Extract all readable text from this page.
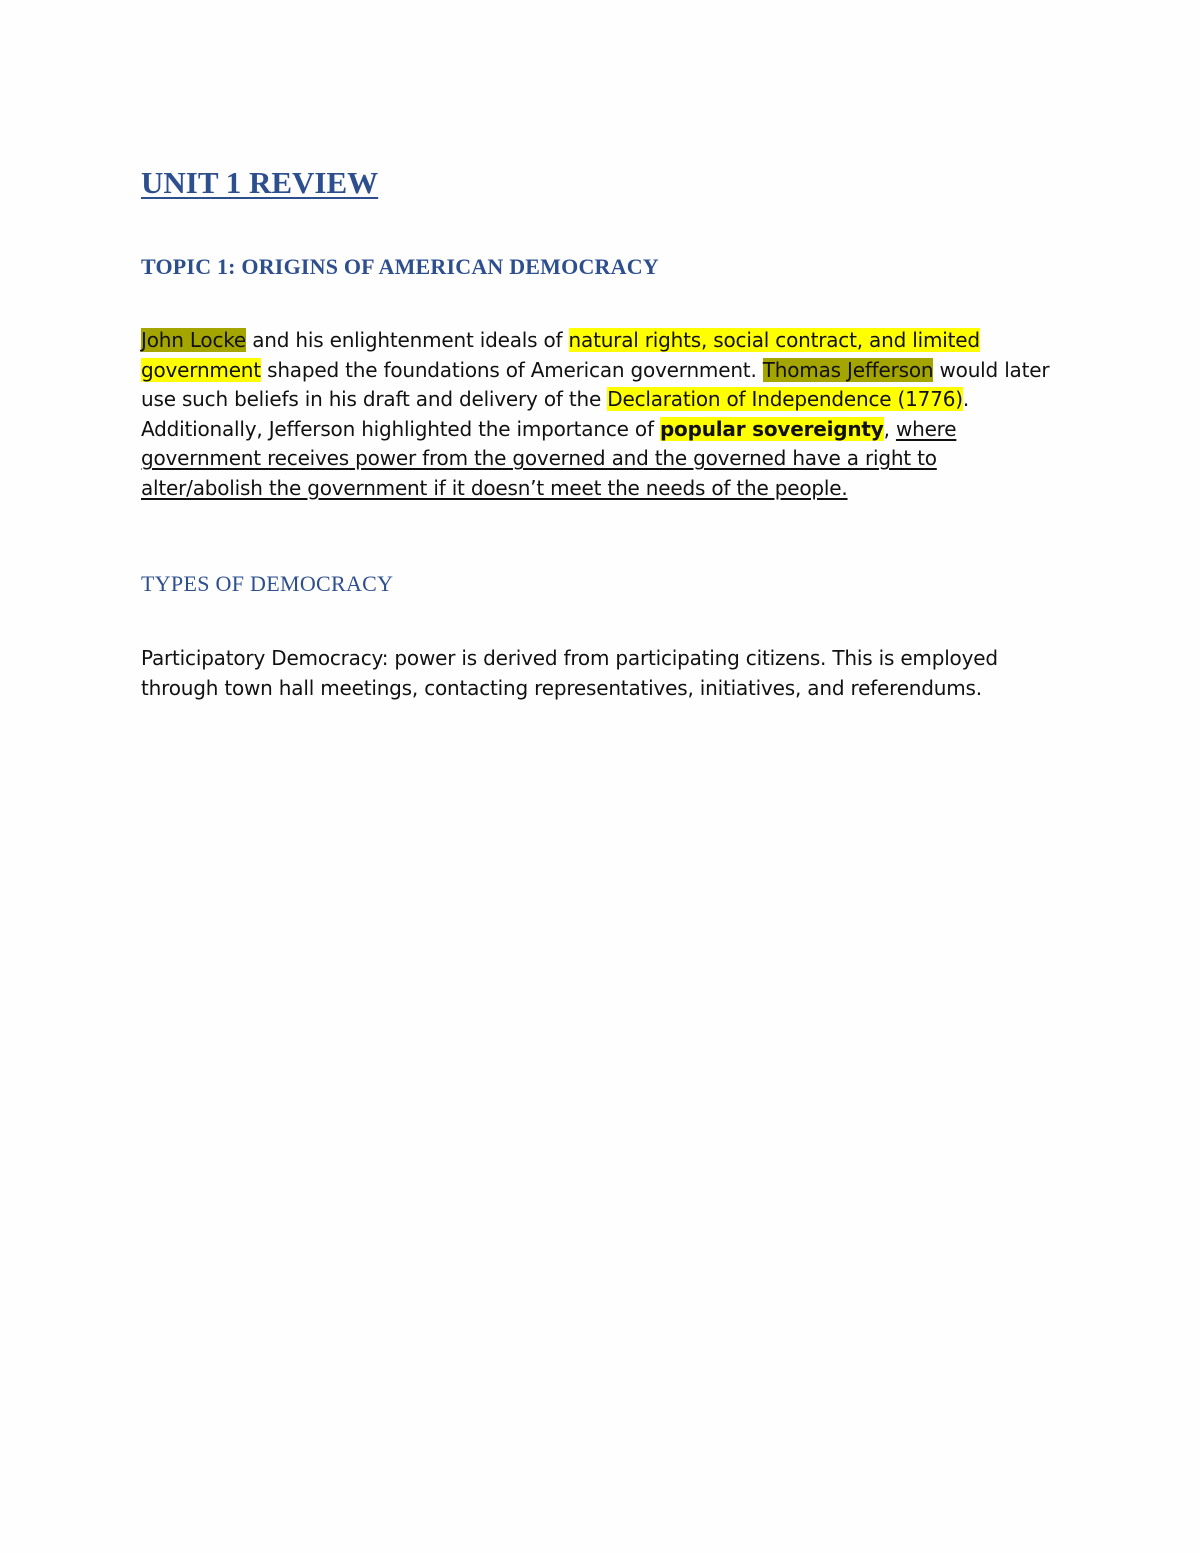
UNIT 1 REVIEW
TOPIC 1: ORIGINS OF AMERICAN DEMOCRACY

John Locke and his enlightenment ideals of natural rights, social contract, and limited government shaped the foundations of American government. Thomas Jefferson would later use such beliefs in his draft and delivery of the Declaration of Independence (1776). Additionally, Jefferson highlighted the importance of popular sovereignty, where government receives power from the governed and the governed have a right to alter/abolish the government if it doesn’t meet the needs of the people.

TYPES OF DEMOCRACY

Participatory Democracy: power is derived from participating citizens. This is employed through town hall meetings, contacting representatives, initiatives, and referendums.
